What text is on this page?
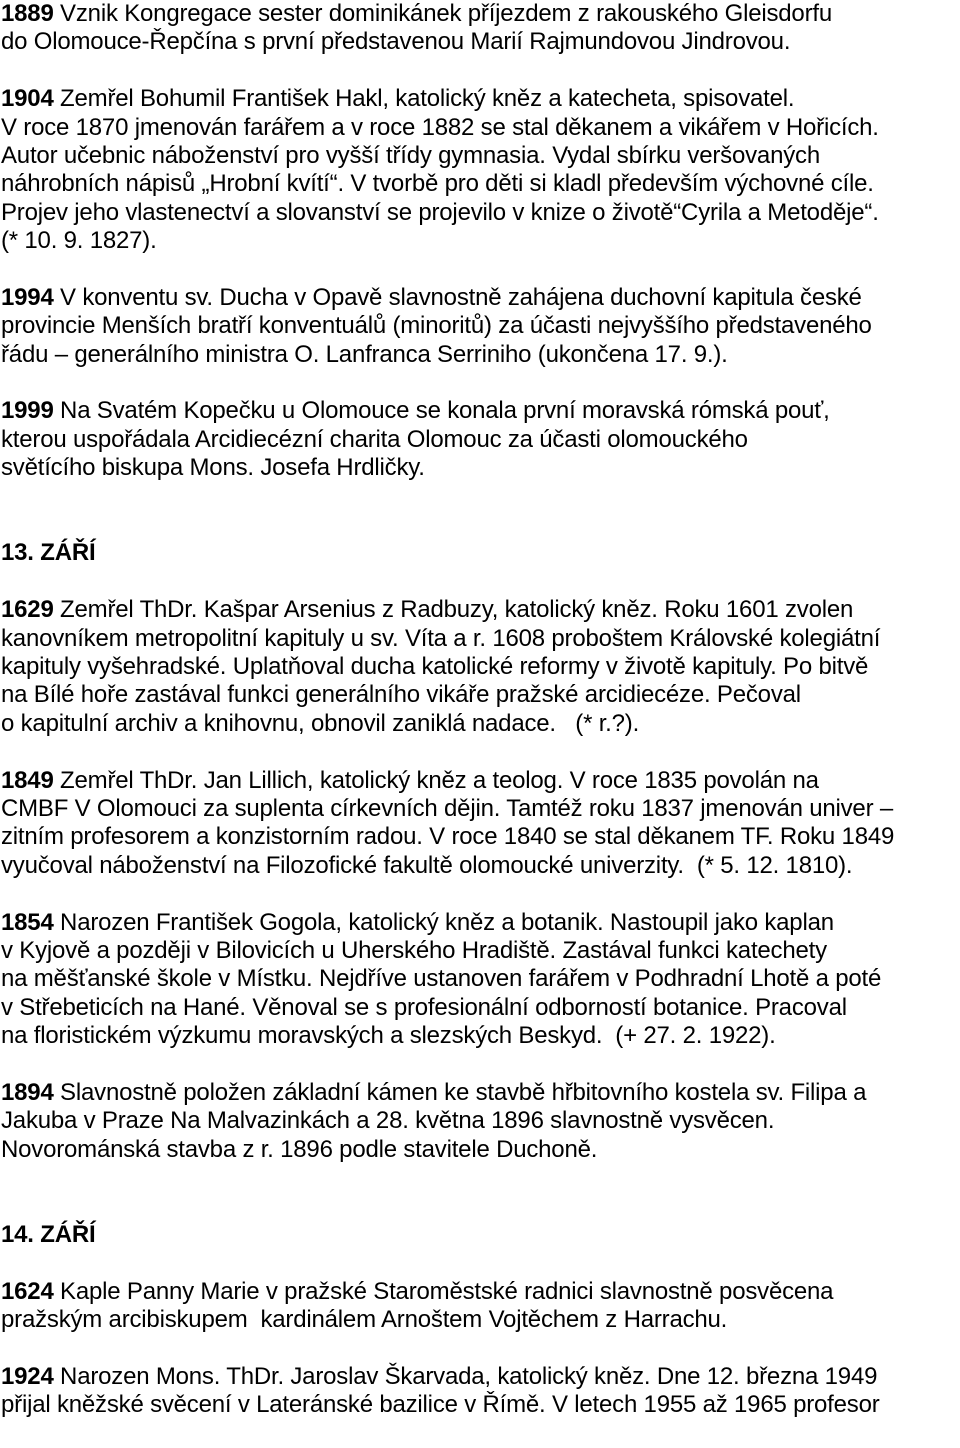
1889 Vznik Kongregace sester dominikánek příjezdem z rakouského Gleisdorfu
do Olomouce-Řepčína s první představenou Marií Rajmundovou Jindrovou.
1904 Zemřel Bohumil František Hakl, katolický kněz a katecheta, spisovatel.
V roce 1870 jmenován farářem a v roce 1882 se stal děkanem a vikářem v Hořicích.
Autor učebnic náboženství pro vyšší třídy gymnasia. Vydal sbírku veršovaných
náhrobních nápisů „Hrobní kvítí“. V tvorbě pro děti si kladl především výchovné cíle.
Projev jeho vlastenectví a slovanství se projevilo v knize o životě“Cyrila a Metoděje“.
(* 10. 9. 1827).
1994 V konventu sv. Ducha v Opavě slavnostně zahájena duchovní kapitula české
provincie Menších bratří konventuálů (minoritů) za účasti nejvyššího představeného
řádu – generálního ministra O. Lanfranca Serriniho (ukončena 17. 9.).
1999 Na Svatém Kopečku u Olomouce se konala první moravská rómská pouť,
kterou uspořádala Arcidiecézní charita Olomouc za účasti olomouckého
světícího biskupa Mons. Josefa Hrdličky.
13. ZÁŘÍ
1629 Zemřel ThDr. Kašpar Arsenius z Radbuzy, katolický kněz. Roku 1601 zvolen
kanovníkem metropolitní kapituly u sv. Víta a r. 1608 proboštem Královské kolegiátní
kapituly vyšehradské. Uplatňoval ducha katolické reformy v životě kapituly. Po bitvě
na Bílé hoře zastával funkci generálního vikáře pražské arcidiecéze. Pečoval
o kapitulní archiv a knihovnu, obnovil zaniklá nadace.   (* r.?).
1849 Zemřel ThDr. Jan Lillich, katolický kněz a teolog. V roce 1835 povolán na
CMBF V Olomouci za suplenta církevních dějin. Tamtéž roku 1837 jmenován univer –
zitním profesorem a konzistorním radou. V roce 1840 se stal děkanem TF. Roku 1849
vyučoval náboženství na Filozofické fakultě olomoucké univerzity.  (* 5. 12. 1810).
1854 Narozen František Gogola, katolický kněz a botanik. Nastoupil jako kaplan
v Kyjově a později v Bilovicích u Uherského Hradiště. Zastával funkci katechety
na měšťanské škole v Místku. Nejdříve ustanoven farářem v Podhradní Lhotě a poté
v Střebeticích na Hané. Věnoval se s profesionální odborností botanice. Pracoval
na floristickém výzkumu moravských a slezských Beskyd.  (+ 27. 2. 1922).
1894 Slavnostně položen základní kámen ke stavbě hřbitovního kostela sv. Filipa a
Jakuba v Praze Na Malvazinkách a 28. května 1896 slavnostně vysvěcen.
Novorománská stavba z r. 1896 podle stavitele Duchoně.
14. ZÁŘÍ
1624 Kaple Panny Marie v pražské Staroměstské radnici slavnostně posvěcena
pražským arcibiskupem  kardinálem Arnoštem Vojtěchem z Harrachu.
1924 Narozen Mons. ThDr. Jaroslav Škarvada, katolický kněz. Dne 12. března 1949
přijal kněžské svěcení v Lateránské bazilice v Římě. V letech 1955 až 1965 profesor
